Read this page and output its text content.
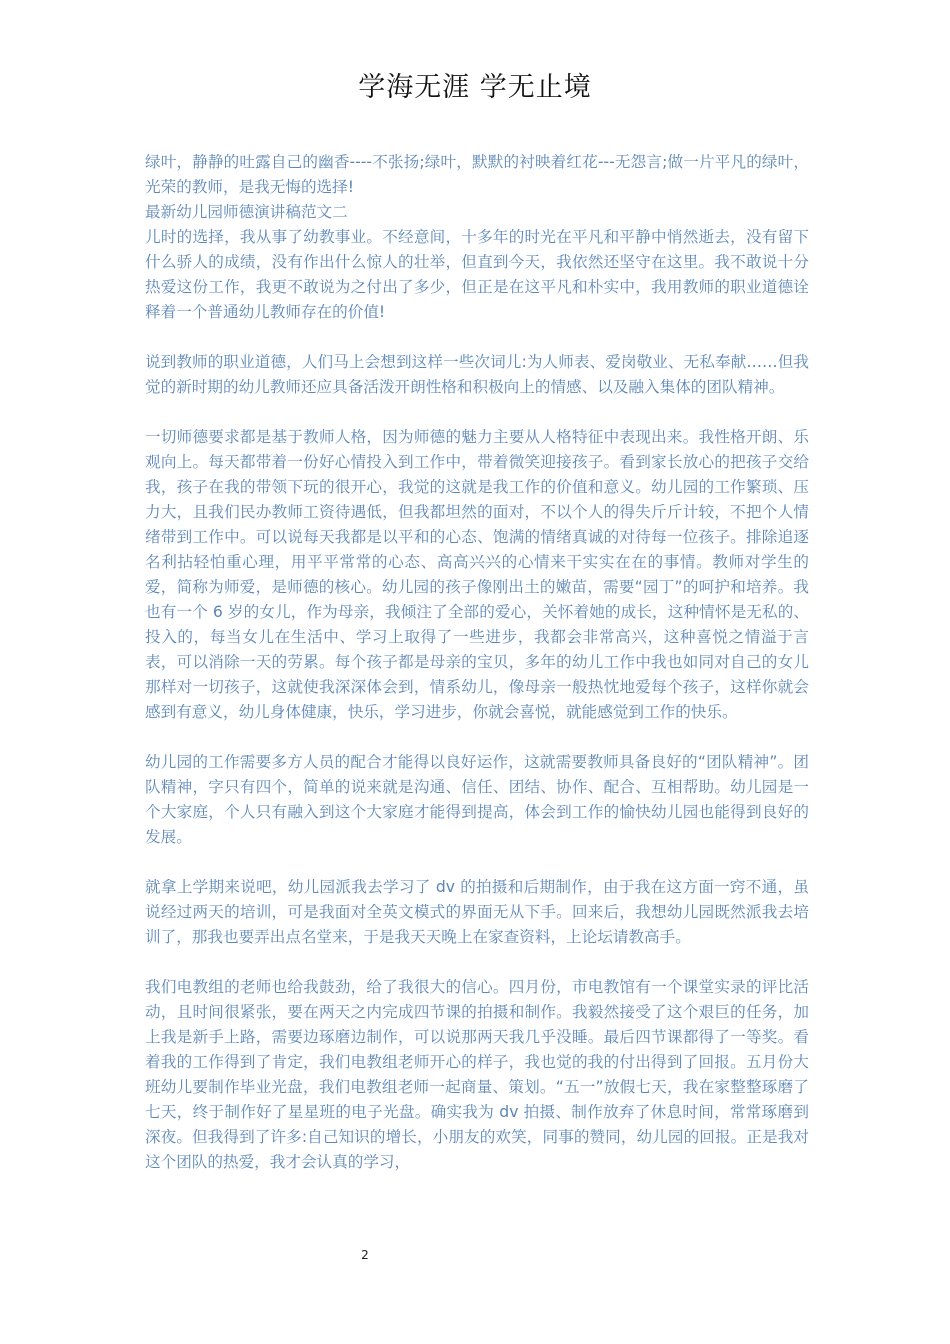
学海无涯 学无止境

绿叶，静静的吐露自己的幽香----不张扬;绿叶，默默的衬映着红花---无怨言;做一片平凡的绿叶，光荣的教师，是我无悔的选择!

最新幼儿园师德演讲稿范文二

儿时的选择，我从事了幼教事业。不经意间，十多年的时光在平凡和平静中悄然逝去，没有留下什么骄人的成绩，没有作出什么惊人的壮举，但直到今天，我依然还坚守在这里。我不敢说十分热爱这份工作，我更不敢说为之付出了多少，但正是在这平凡和朴实中，我用教师的职业道德诠释着一个普通幼儿教师存在的价值!

说到教师的职业道德，人们马上会想到这样一些次词儿:为人师表、爱岗敬业、无私奉献……但我觉的新时期的幼儿教师还应具备活泼开朗性格和积极向上的情感、以及融入集体的团队精神。

一切师德要求都是基于教师人格，因为师德的魅力主要从人格特征中表现出来。我性格开朗、乐观向上。每天都带着一份好心情投入到工作中，带着微笑迎接孩子。看到家长放心的把孩子交给我，孩子在我的带领下玩的很开心，我觉的这就是我工作的价值和意义。幼儿园的工作繁琐、压力大，且我们民办教师工资待遇低，但我都坦然的面对，不以个人的得失斤斤计较，不把个人情绪带到工作中。可以说每天我都是以平和的心态、饱满的情绪真诚的对待每一位孩子。排除追逐名利拈轻怕重心理，用平平常常的心态、高高兴兴的心情来干实实在在的事情。教师对学生的爱，简称为师爱，是师德的核心。幼儿园的孩子像刚出土的嫩苗，需要“园丁”的呵护和培养。我也有一个 6 岁的女儿，作为母亲，我倾注了全部的爱心，关怀着她的成长，这种情怀是无私的、投入的，每当女儿在生活中、学习上取得了一些进步，我都会非常高兴，这种喜悦之情溢于言表，可以消除一天的劳累。每个孩子都是母亲的宝贝，多年的幼儿工作中我也如同对自己的女儿那样对一切孩子，这就使我深深体会到，情系幼儿，像母亲一般热忱地爱每个孩子，这样你就会感到有意义，幼儿身体健康，快乐，学习进步，你就会喜悦，就能感觉到工作的快乐。

幼儿园的工作需要多方人员的配合才能得以良好运作，这就需要教师具备良好的“团队精神”。团队精神，字只有四个，简单的说来就是沟通、信任、团结、协作、配合、互相帮助。幼儿园是一个大家庭，个人只有融入到这个大家庭才能得到提高，体会到工作的愉快幼儿园也能得到良好的发展。

就拿上学期来说吧，幼儿园派我去学习了 dv 的拍摄和后期制作，由于我在这方面一窍不通，虽说经过两天的培训，可是我面对全英文模式的界面无从下手。回来后，我想幼儿园既然派我去培训了，那我也要弄出点名堂来，于是我天天晚上在家查资料，上论坛请教高手。

我们电教组的老师也给我鼓劲，给了我很大的信心。四月份，市电教馆有一个课堂实录的评比活动，且时间很紧张，要在两天之内完成四节课的拍摄和制作。我毅然接受了这个艰巨的任务，加上我是新手上路，需要边琢磨边制作，可以说那两天我几乎没睡。最后四节课都得了一等奖。看着我的工作得到了肯定，我们电教组老师开心的样子，我也觉的我的付出得到了回报。五月份大班幼儿要制作毕业光盘，我们电教组老师一起商量、策划。“五一”放假七天，我在家整整琢磨了七天，终于制作好了星星班的电子光盘。确实我为 dv 拍摄、制作放弃了休息时间，常常琢磨到深夜。但我得到了许多:自己知识的增长，小朋友的欢笑，同事的赞同，幼儿园的回报。正是我对这个团队的热爱，我才会认真的学习，

2
